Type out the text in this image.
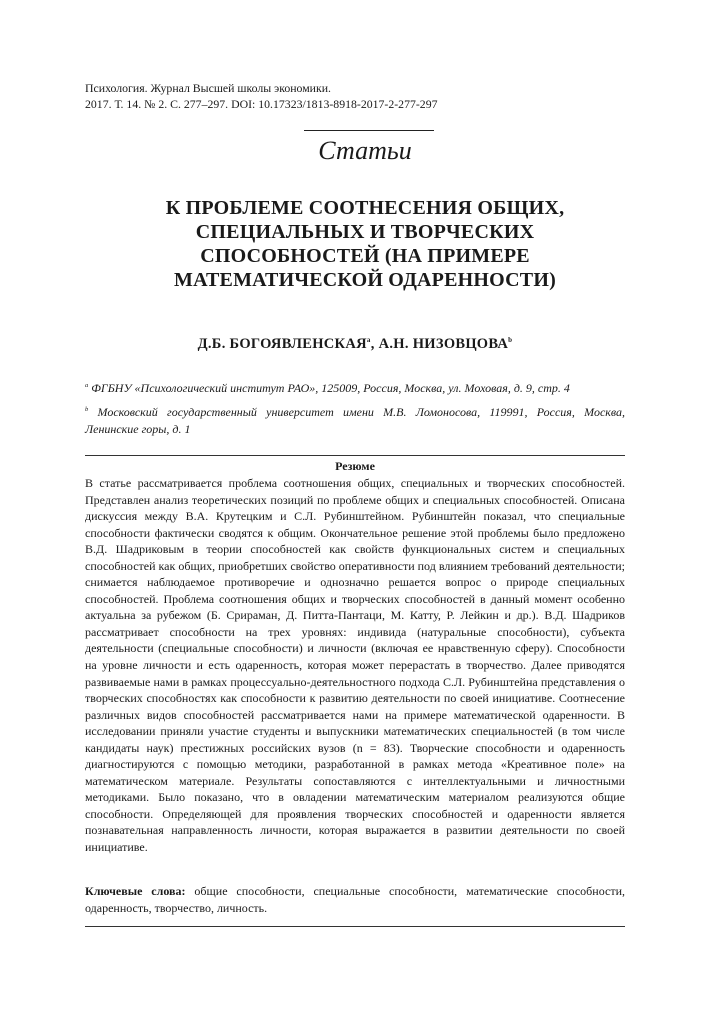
Психология. Журнал Высшей школы экономики.
2017. Т. 14. № 2. С. 277–297. DOI: 10.17323/1813-8918-2017-2-277-297
Статьи
К ПРОБЛЕМЕ СООТНЕСЕНИЯ ОБЩИХ,
СПЕЦИАЛЬНЫХ И ТВОРЧЕСКИХ
СПОСОБНОСТЕЙ (НА ПРИМЕРЕ
МАТЕМАТИЧЕСКОЙ ОДАРЕННОСТИ)
Д.Б. БОГОЯВЛЕНСКАЯ$^a$, А.Н. НИЗОВЦОВА$^b$

$^a$ ФГБНУ «Психологический институт РАО», 125009, Россия, Москва, ул. Моховая, д. 9, стр. 4

$^b$ Московский государственный университет имени М.В. Ломоносова, 119991, Россия, Москва, Ленинские горы, д. 1

Резюме

В статье рассматривается проблема соотношения общих, специальных и творческих способностей. Представлен анализ теоретических позиций по проблеме общих и специальных способностей. Описана дискуссия между В.А. Крутецким и С.Л. Рубинштейном. Рубинштейн показал, что специальные способности фактически сводятся к общим. Окончательное решение этой проблемы было предложено В.Д. Шадриковым в теории способностей как свойств функциональных систем и специальных способностей как общих, приобретших свойство оперативности под влиянием требований деятельности; снимается наблюдаемое противоречие и однозначно решается вопрос о природе специальных способностей. Проблема соотношения общих и творческих способностей в данный момент особенно актуальна за рубежом (Б. Срираман, Д. Питта-Пантаци, М. Катту, Р. Лейкин и др.). В.Д. Шадриков рассматривает способности на трех уровнях: индивида (натуральные способности), субъекта деятельности (специальные способности) и личности (включая ее нравственную сферу). Способности на уровне личности и есть одаренность, которая может перерастать в творчество. Далее приводятся развиваемые нами в рамках процессуально-деятельностного подхода С.Л. Рубинштейна представления о творческих способностях как способности к развитию деятельности по своей инициативе. Соотнесение различных видов способностей рассматривается нами на примере математической одаренности. В исследовании приняли участие студенты и выпускники математических специальностей (в том числе кандидаты наук) престижных российских вузов (n = 83). Творческие способности и одаренность диагностируются с помощью методики, разработанной в рамках метода «Креативное поле» на математическом материале. Результаты сопоставляются с интеллектуальными и личностными методиками. Было показано, что в овладении математическим материалом реализуются общие способности. Определяющей для проявления творческих способностей и одаренности является познавательная направленность личности, которая выражается в развитии деятельности по своей инициативе.

Ключевые слова: общие способности, специальные способности, математические способности, одаренность, творчество, личность.
